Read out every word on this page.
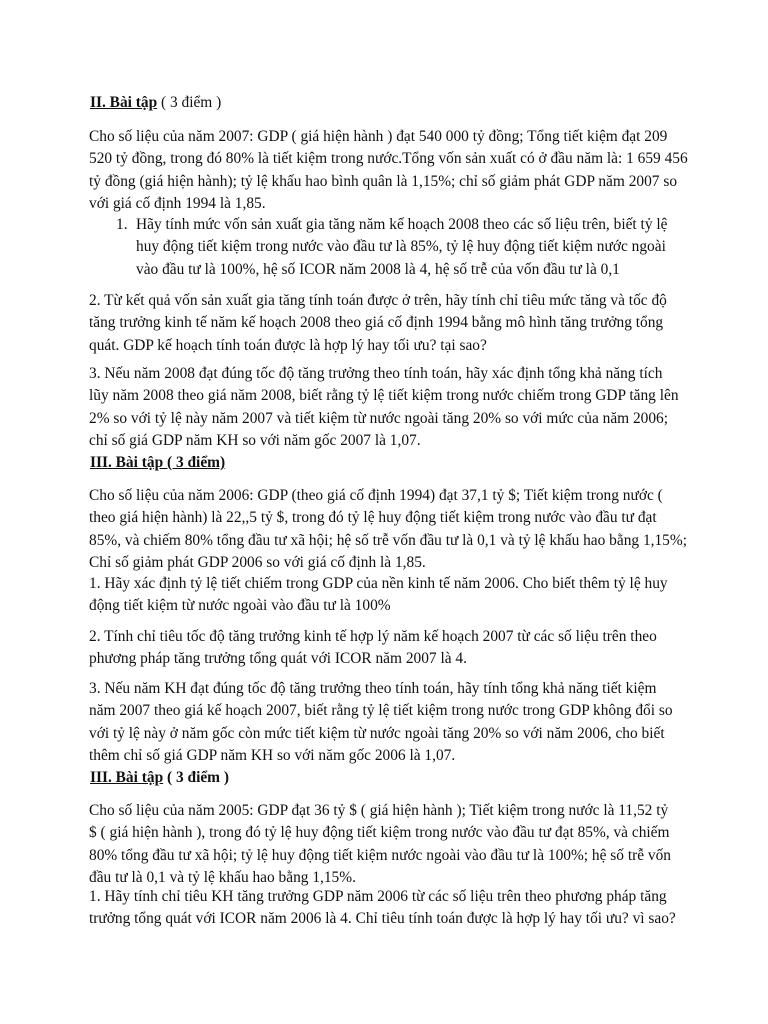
II. Bài tập ( 3 điểm )
Cho số liệu của năm 2007: GDP ( giá hiện hành ) đạt 540 000 tỷ đồng; Tổng tiết kiệm đạt 209
520 tỷ đồng, trong đó 80% là tiết kiệm trong nước.Tổng vốn sản xuất có ở đầu năm là: 1 659 456
tỷ đồng (giá hiện hành); tỷ lệ khấu hao bình quân là 1,15%; chỉ số giảm phát GDP năm 2007 so
với giá cố định 1994 là 1,85.
1. Hãy tính mức vốn sản xuất gia tăng năm kế hoạch 2008 theo các số liệu trên, biết tỷ lệ
huy động tiết kiệm trong nước vào đầu tư là 85%, tỷ lệ huy động tiết kiệm nước ngoài
vào đầu tư là 100%, hệ số ICOR năm 2008 là 4, hệ số trễ của vốn đầu tư là 0,1
2. Từ kết quả vốn sản xuất gia tăng tính toán được ở trên, hãy tính chỉ tiêu mức tăng và tốc độ
tăng trưởng kinh tế năm kế hoạch 2008 theo giá cố định 1994 bằng mô hình tăng trưởng tổng
quát. GDP kế hoạch tính toán được là hợp lý hay tối ưu? tại sao?
3. Nếu năm 2008 đạt đúng tốc độ tăng trưởng theo tính toán, hãy xác định tổng khả năng tích
lũy năm 2008 theo giá năm 2008, biết rằng tỷ lệ tiết kiệm trong nước chiếm trong GDP tăng lên
2% so với tỷ lệ này năm 2007 và tiết kiệm từ nước ngoài tăng 20% so với mức của năm 2006;
chỉ số giá GDP năm KH so với năm gốc 2007 là 1,07.
III. Bài tập ( 3 điểm)
Cho số liệu của năm 2006: GDP (theo giá cố định 1994) đạt 37,1 tỷ $; Tiết kiệm trong nước (
theo giá hiện hành) là 22,,5 tỷ $, trong đó tỷ lệ huy động tiết kiệm trong nước vào đầu tư đạt
85%, và chiếm 80% tổng đầu tư xã hội; hệ số trễ vốn đầu tư là 0,1 và tỷ lệ khấu hao bằng 1,15%;
Chỉ số giảm phát GDP 2006 so với giá cố định là 1,85.
1. Hãy xác định tỷ lệ tiết chiếm trong GDP của nền kinh tế năm 2006. Cho biết thêm tỷ lệ huy
động tiết kiệm từ nước ngoài vào đầu tư là 100%
2. Tính chỉ tiêu tốc độ tăng trưởng kinh tế hợp lý năm kế hoạch 2007 từ các số liệu trên theo
phương pháp tăng trưởng tổng quát với ICOR năm 2007 là 4.
3. Nếu năm KH đạt đúng tốc độ tăng trưởng theo tính toán, hãy tính tổng khả năng tiết kiệm
năm 2007 theo giá kế hoạch 2007, biết rằng tỷ lệ tiết kiệm trong nước trong GDP không đổi so
với tỷ lệ này ở năm gốc còn mức tiết kiệm từ nước ngoài tăng 20% so với năm 2006, cho biết
thêm chỉ số giá GDP năm KH so với năm gốc 2006 là 1,07.
III. Bài tập ( 3 điểm )
Cho số liệu của năm 2005: GDP đạt 36 tỷ $ ( giá hiện hành ); Tiết kiệm trong nước là 11,52 tỷ
$ ( giá hiện hành ), trong đó tỷ lệ huy động tiết kiệm trong nước vào đầu tư đạt 85%, và chiếm
80% tổng đầu tư xã hội; tỷ lệ huy động tiết kiệm nước ngoài vào đầu tư là 100%; hệ số trễ vốn
đầu tư là 0,1 và tỷ lệ khấu hao bằng 1,15%.
1. Hãy tính chỉ tiêu KH tăng trưởng GDP năm 2006 từ các số liệu trên theo phương pháp tăng
trưởng tổng quát với ICOR năm 2006 là 4. Chỉ tiêu tính toán được là hợp lý hay tối ưu? vì sao?
